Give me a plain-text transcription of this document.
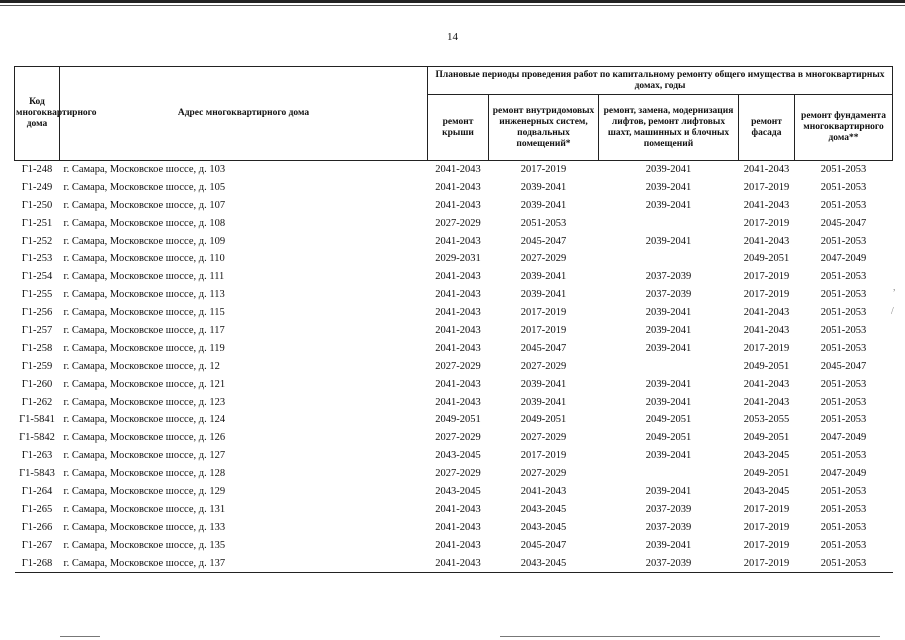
14
Код многоквартирного дома	Адрес многоквартирного дома	Плановые периоды проведения работ по капитальному ремонту общего имущества в многоквартирных домах, годы				
		ремонт крыши	ремонт внутридомовых инженерных систем, подвальных помещений*	ремонт, замена, модернизация лифтов, ремонт лифтовых шахт, машинных и блочных помещений	ремонт фасада	ремонт фундамента многоквартирного дома**
Г1-248	г. Самара, Московское шоссе, д. 103	2041-2043	2017-2019	2039-2041	2041-2043	2051-2053
Г1-249	г. Самара, Московское шоссе, д. 105	2041-2043	2039-2041	2039-2041	2017-2019	2051-2053
Г1-250	г. Самара, Московское шоссе, д. 107	2041-2043	2039-2041	2039-2041	2041-2043	2051-2053
Г1-251	г. Самара, Московское шоссе, д. 108	2027-2029	2051-2053		2017-2019	2045-2047
Г1-252	г. Самара, Московское шоссе, д. 109	2041-2043	2045-2047	2039-2041	2041-2043	2051-2053
Г1-253	г. Самара, Московское шоссе, д. 110	2029-2031	2027-2029		2049-2051	2047-2049
Г1-254	г. Самара, Московское шоссе, д. 111	2041-2043	2039-2041	2037-2039	2017-2019	2051-2053
Г1-255	г. Самара, Московское шоссе, д. 113	2041-2043	2039-2041	2037-2039	2017-2019	2051-2053
Г1-256	г. Самара, Московское шоссе, д. 115	2041-2043	2017-2019	2039-2041	2041-2043	2051-2053
Г1-257	г. Самара, Московское шоссе, д. 117	2041-2043	2017-2019	2039-2041	2041-2043	2051-2053
Г1-258	г. Самара, Московское шоссе, д. 119	2041-2043	2045-2047	2039-2041	2017-2019	2051-2053
Г1-259	г. Самара, Московское шоссе, д. 12	2027-2029	2027-2029		2049-2051	2045-2047
Г1-260	г. Самара, Московское шоссе, д. 121	2041-2043	2039-2041	2039-2041	2041-2043	2051-2053
Г1-262	г. Самара, Московское шоссе, д. 123	2041-2043	2039-2041	2039-2041	2041-2043	2051-2053
Г1-5841	г. Самара, Московское шоссе, д. 124	2049-2051	2049-2051	2049-2051	2053-2055	2051-2053
Г1-5842	г. Самара, Московское шоссе, д. 126	2027-2029	2027-2029	2049-2051	2049-2051	2047-2049
Г1-263	г. Самара, Московское шоссе, д. 127	2043-2045	2017-2019	2039-2041	2043-2045	2051-2053
Г1-5843	г. Самара, Московское шоссе, д. 128	2027-2029	2027-2029		2049-2051	2047-2049
Г1-264	г. Самара, Московское шоссе, д. 129	2043-2045	2041-2043	2039-2041	2043-2045	2051-2053
Г1-265	г. Самара, Московское шоссе, д. 131	2041-2043	2043-2045	2037-2039	2017-2019	2051-2053
Г1-266	г. Самара, Московское шоссе, д. 133	2041-2043	2043-2045	2037-2039	2017-2019	2051-2053
Г1-267	г. Самара, Московское шоссе, д. 135	2041-2043	2045-2047	2039-2041	2017-2019	2051-2053
Г1-268	г. Самара, Московское шоссе, д. 137	2041-2043	2043-2045	2037-2039	2017-2019	2051-2053
,
/
